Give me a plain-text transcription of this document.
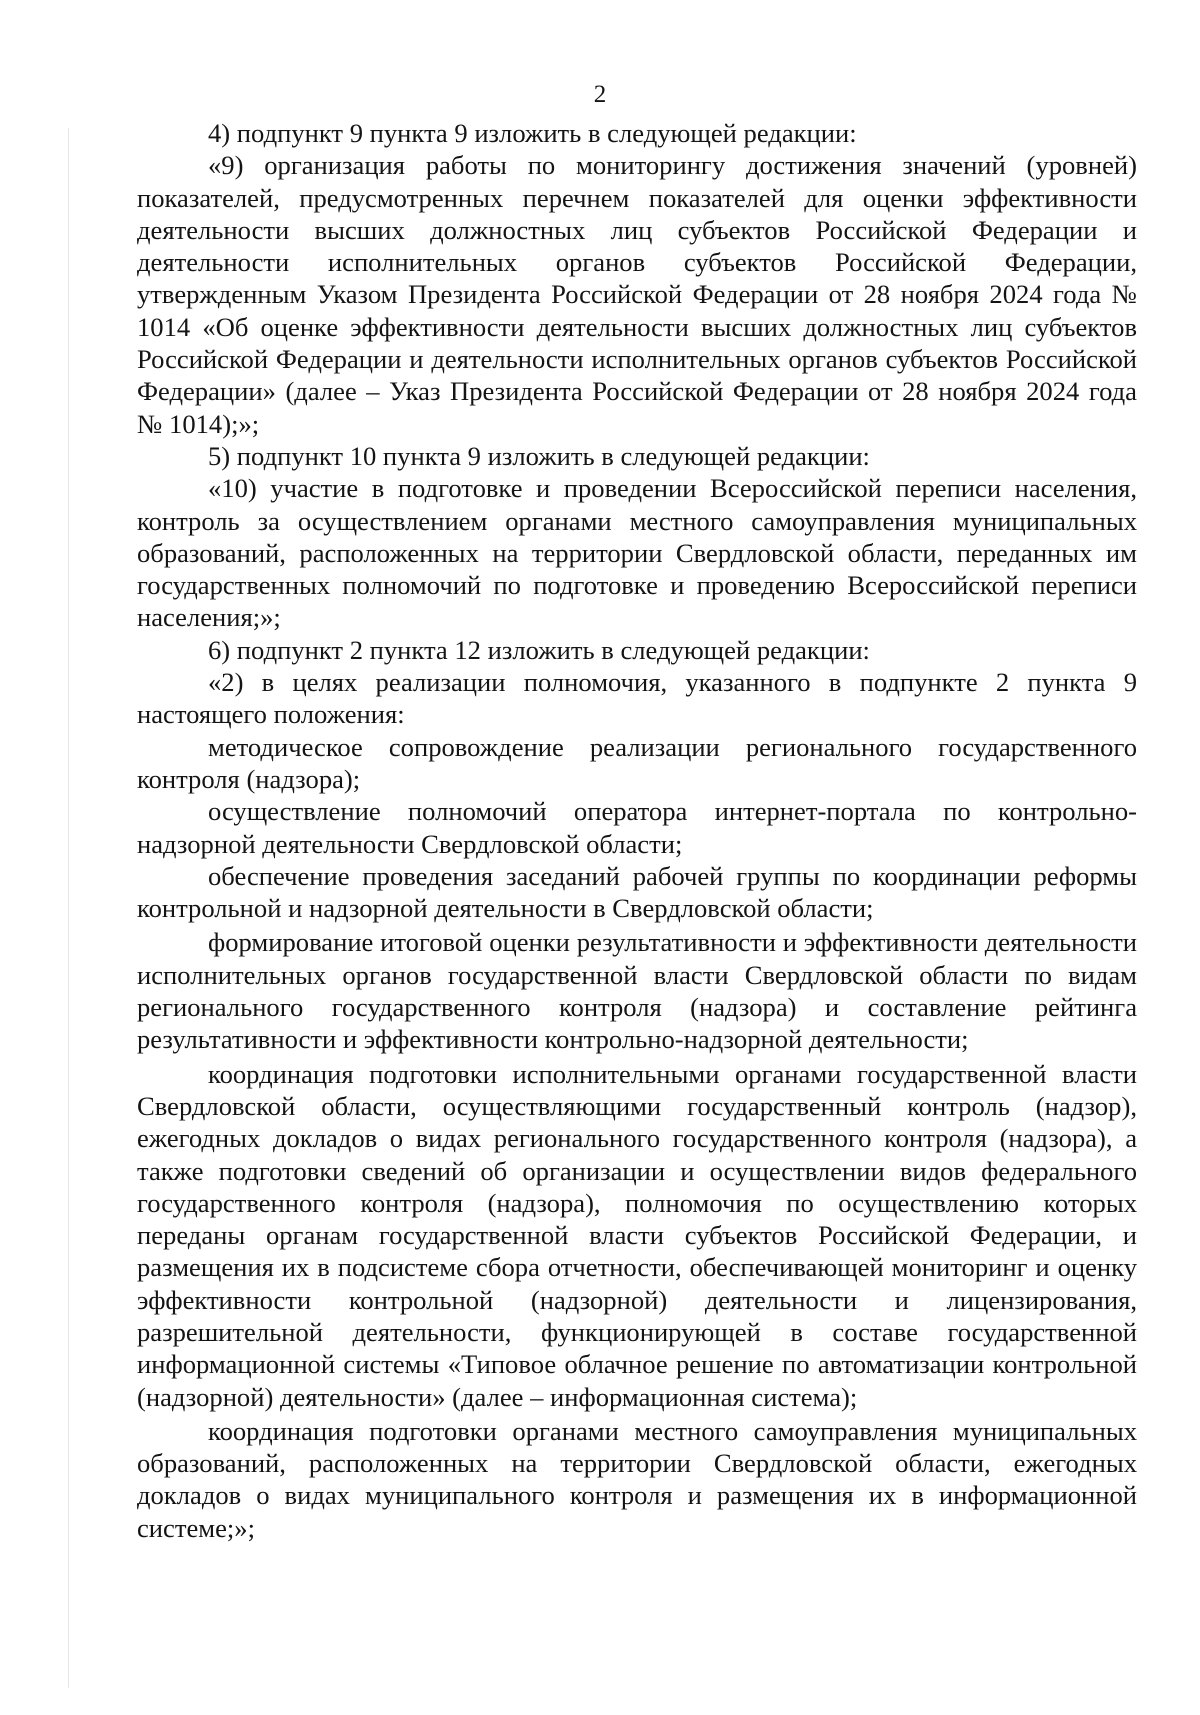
2

4) подпункт 9 пункта 9 изложить в следующей редакции:

«9) организация работы по мониторингу достижения значений (уровней) показателей, предусмотренных перечнем показателей для оценки эффективности деятельности высших должностных лиц субъектов Российской Федерации и деятельности исполнительных органов субъектов Российской Федерации, утвержденным Указом Президента Российской Федерации от 28 ноября 2024 года № 1014 «Об оценке эффективности деятельности высших должностных лиц субъектов Российской Федерации и деятельности исполнительных органов субъектов Российской Федерации» (далее – Указ Президента Российской Федерации от 28 ноября 2024 года № 1014);»;

5) подпункт 10 пункта 9 изложить в следующей редакции:

«10) участие в подготовке и проведении Всероссийской переписи населения, контроль за осуществлением органами местного самоуправления муниципальных образований, расположенных на территории Свердловской области, переданных им государственных полномочий по подготовке и проведению Всероссийской переписи населения;»;

6) подпункт 2 пункта 12 изложить в следующей редакции:

«2) в целях реализации полномочия, указанного в подпункте 2 пункта 9 настоящего положения:

методическое сопровождение реализации регионального государственного контроля (надзора);

осуществление полномочий оператора интернет-портала по контрольно-надзорной деятельности Свердловской области;

обеспечение проведения заседаний рабочей группы по координации реформы контрольной и надзорной деятельности в Свердловской области;

формирование итоговой оценки результативности и эффективности деятельности исполнительных органов государственной власти Свердловской области по видам регионального государственного контроля (надзора) и составление рейтинга результативности и эффективности контрольно-надзорной деятельности;

координация подготовки исполнительными органами государственной власти Свердловской области, осуществляющими государственный контроль (надзор), ежегодных докладов о видах регионального государственного контроля (надзора), а также подготовки сведений об организации и осуществлении видов федерального государственного контроля (надзора), полномочия по осуществлению которых переданы органам государственной власти субъектов Российской Федерации, и размещения их в подсистеме сбора отчетности, обеспечивающей мониторинг и оценку эффективности контрольной (надзорной) деятельности и лицензирования, разрешительной деятельности, функционирующей в составе государственной информационной системы «Типовое облачное решение по автоматизации контрольной (надзорной) деятельности» (далее – информационная система);

координация подготовки органами местного самоуправления муниципальных образований, расположенных на территории Свердловской области, ежегодных докладов о видах муниципального контроля и размещения их в информационной системе;»;
